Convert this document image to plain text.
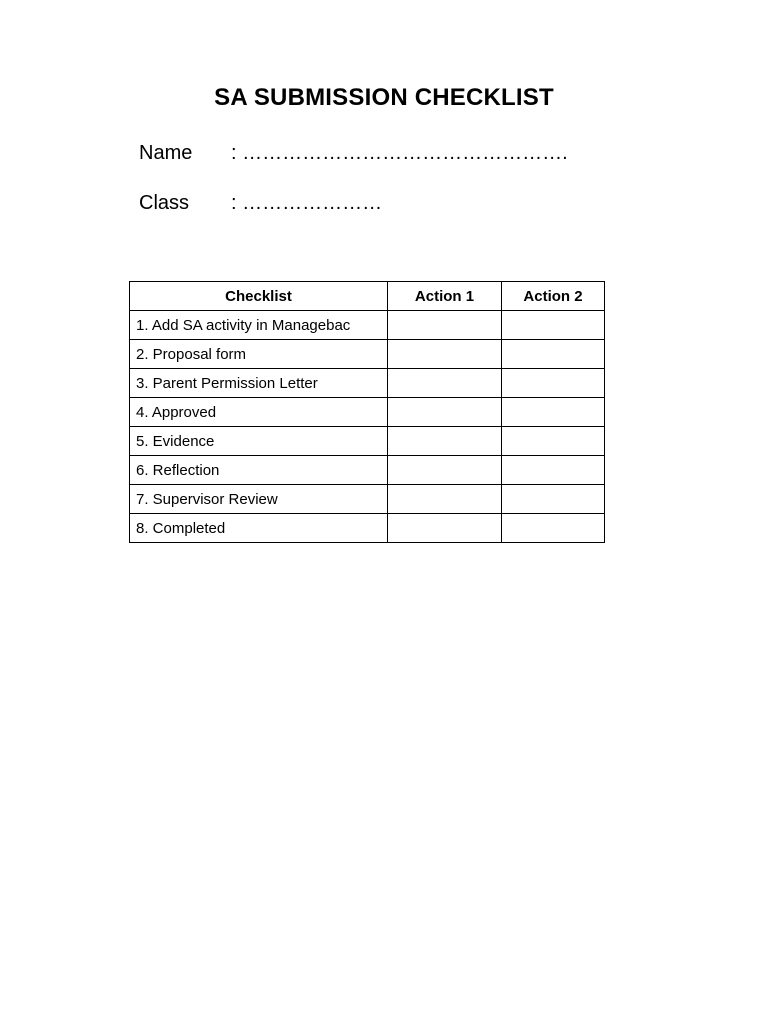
SA SUBMISSION CHECKLIST
Name : ………………………………………….
Class : …………………
Checklist	Action 1	Action 2
1. Add SA activity in Managebac		
2. Proposal form		
3. Parent Permission Letter		
4. Approved		
5. Evidence		
6. Reflection		
7. Supervisor Review		
8. Completed		
